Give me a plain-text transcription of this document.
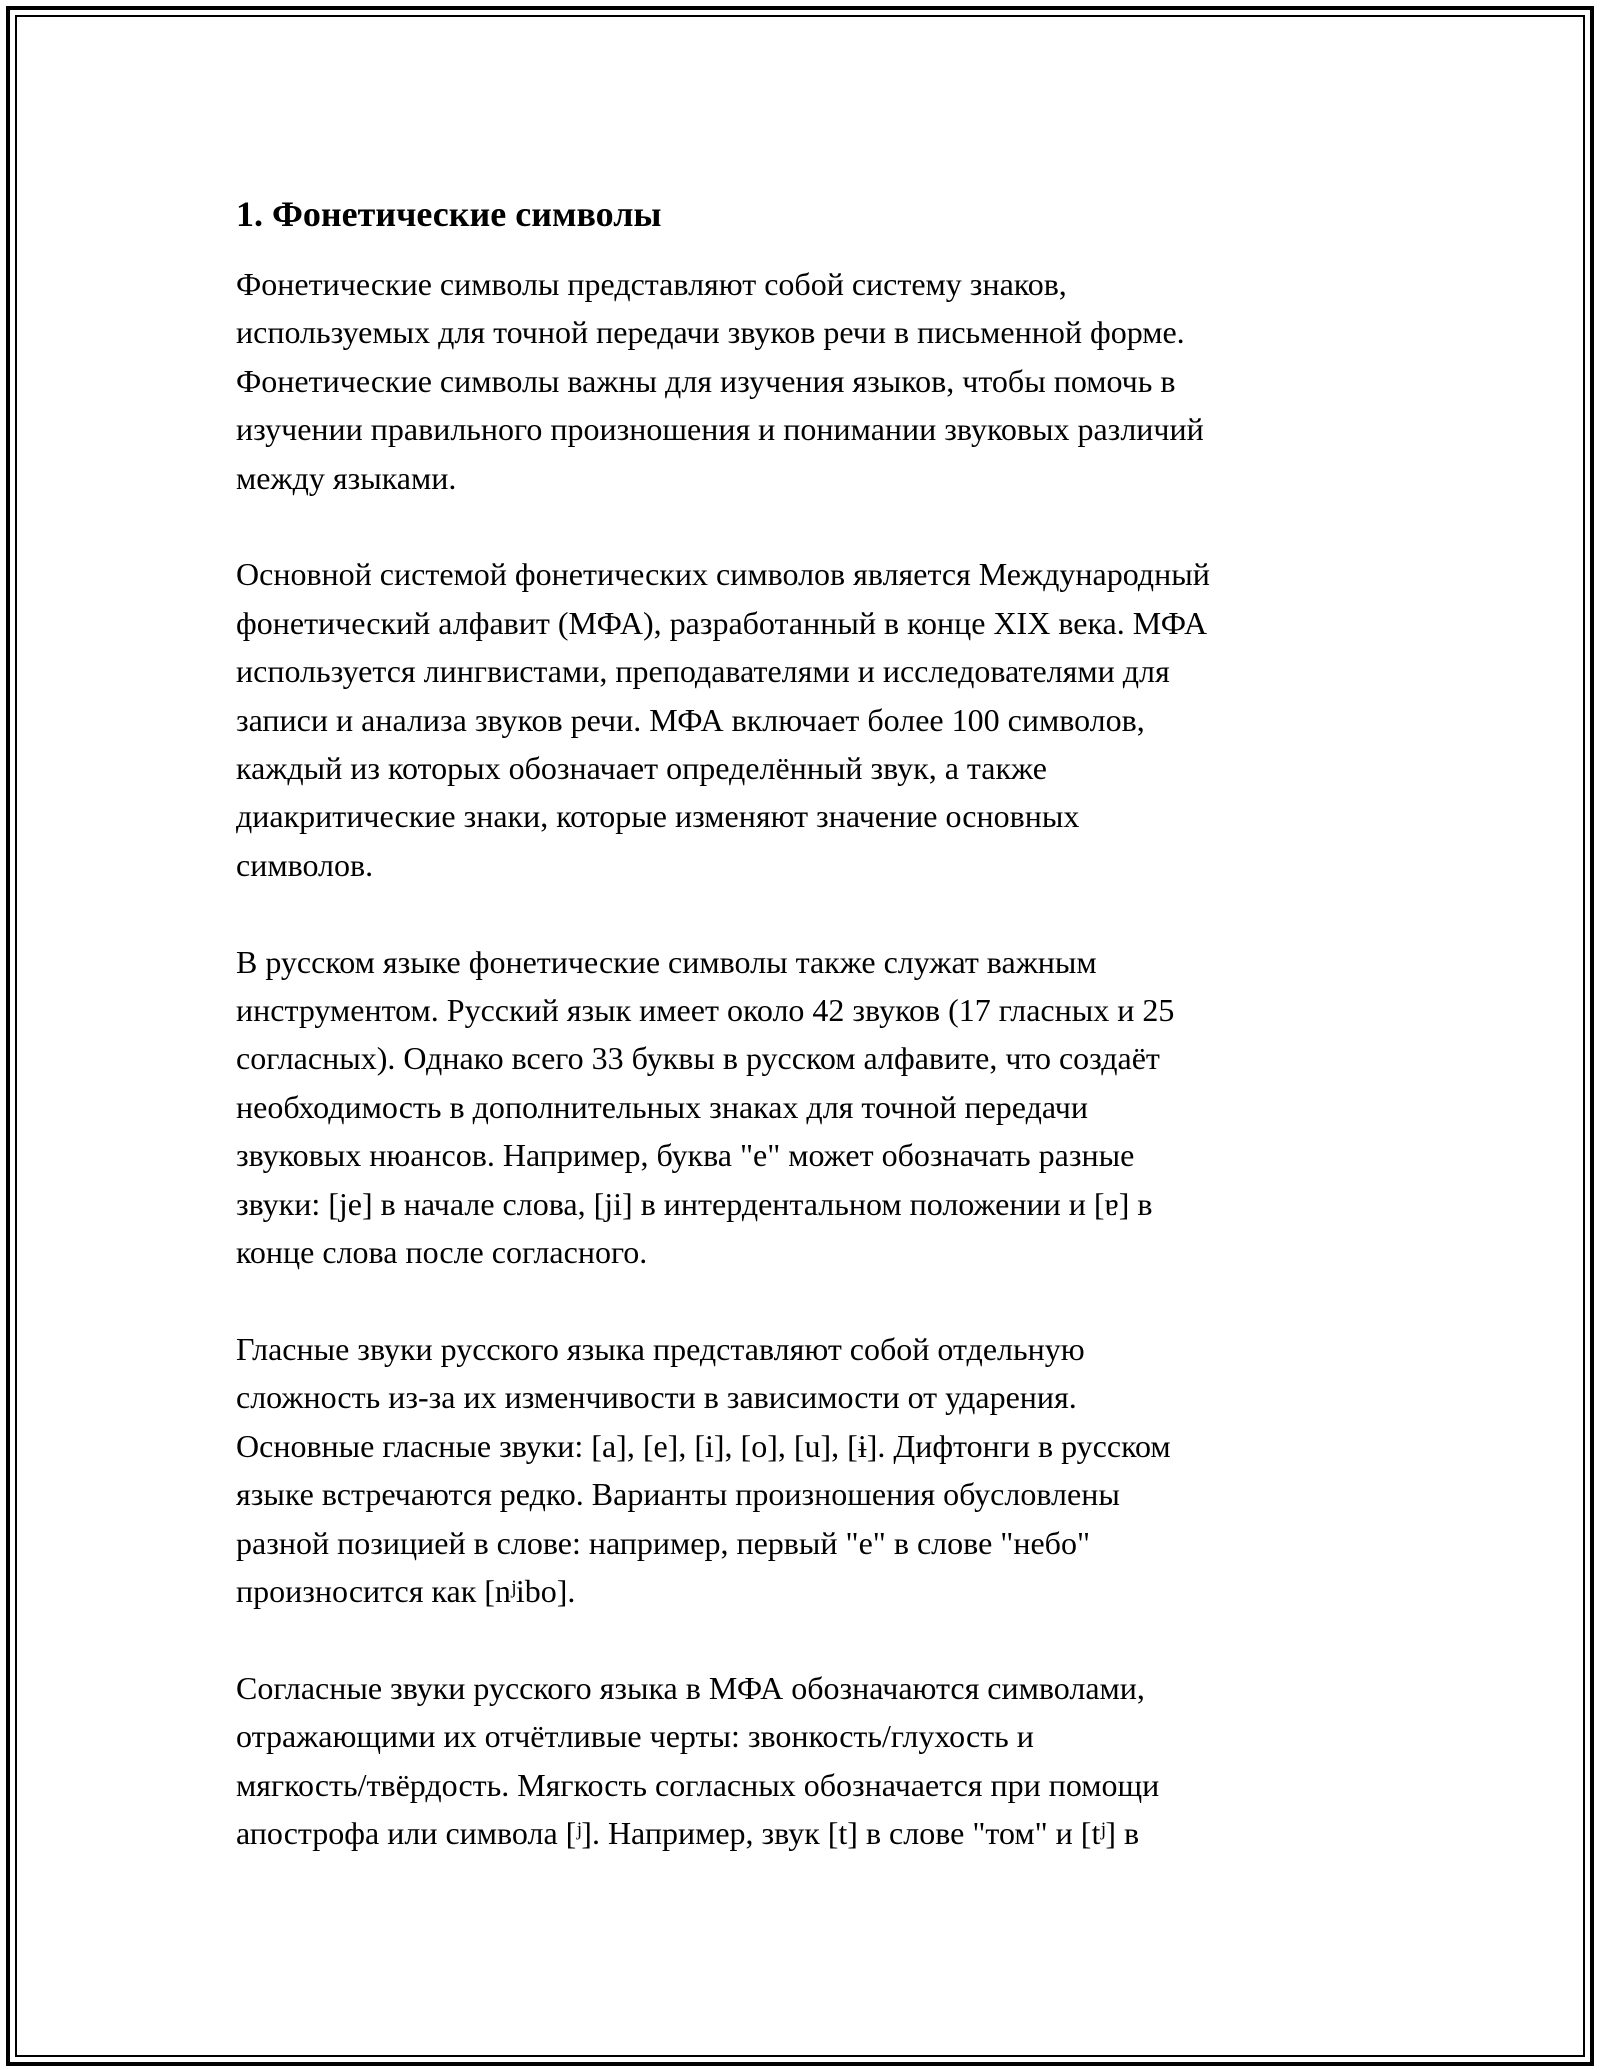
1. Фонетические символы
Фонетические символы представляют собой систему знаков,
используемых для точной передачи звуков речи в письменной форме.
Фонетические символы важны для изучения языков, чтобы помочь в
изучении правильного произношения и понимании звуковых различий
между языками.
Основной системой фонетических символов является Международный
фонетический алфавит (МФА), разработанный в конце XIX века. МФА
используется лингвистами, преподавателями и исследователями для
записи и анализа звуков речи. МФА включает более 100 символов,
каждый из которых обозначает определённый звук, а также
диакритические знаки, которые изменяют значение основных
символов.
В русском языке фонетические символы также служат важным
инструментом. Русский язык имеет около 42 звуков (17 гласных и 25
согласных). Однако всего 33 буквы в русском алфавите, что создаёт
необходимость в дополнительных знаках для точной передачи
звуковых нюансов. Например, буква "е" может обозначать разные
звуки: [je] в начале слова, [ji] в интердентальном положении и [ɐ] в
конце слова после согласного.
Гласные звуки русского языка представляют собой отдельную
сложность из-за их изменчивости в зависимости от ударения.
Основные гласные звуки: [a], [e], [i], [o], [u], [ɨ]. Дифтонги в русском
языке встречаются редко. Варианты произношения обусловлены
разной позицией в слове: например, первый "е" в слове "небо"
произносится как [nʲibo].
Согласные звуки русского языка в МФА обозначаются символами,
отражающими их отчётливые черты: звонкость/глухость и
мягкость/твёрдость. Мягкость согласных обозначается при помощи
апострофа или символа [ʲ]. Например, звук [t] в слове "том" и [tʲ] в
